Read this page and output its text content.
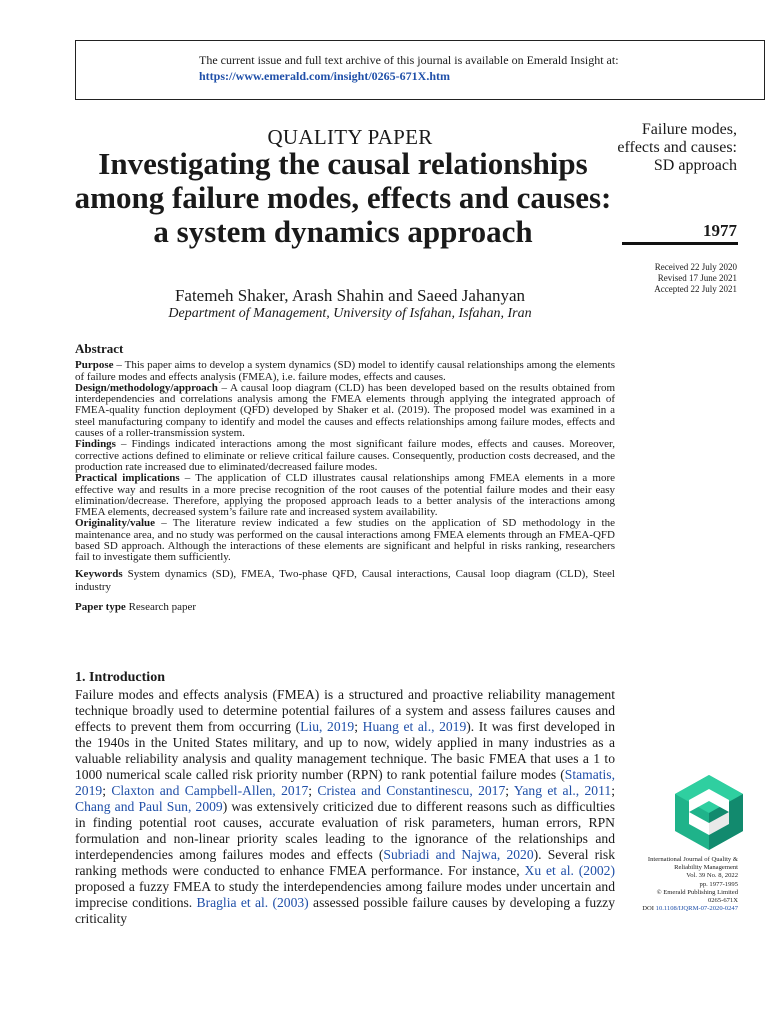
The current issue and full text archive of this journal is available on Emerald Insight at:
https://www.emerald.com/insight/0265-671X.htm
QUALITY PAPER
Investigating the causal relationships among failure modes, effects and causes: a system dynamics approach
Fatemeh Shaker, Arash Shahin and Saeed Jahanyan
Department of Management, University of Isfahan, Isfahan, Iran
Failure modes, effects and causes: SD approach
1977
Received 22 July 2020
Revised 17 June 2021
Accepted 22 July 2021
Abstract

Purpose – This paper aims to develop a system dynamics (SD) model to identify causal relationships among the elements of failure modes and effects analysis (FMEA), i.e. failure modes, effects and causes.

Design/methodology/approach – A causal loop diagram (CLD) has been developed based on the results obtained from interdependencies and correlations analysis among the FMEA elements through applying the integrated approach of FMEA-quality function deployment (QFD) developed by Shaker et al. (2019). The proposed model was examined in a steel manufacturing company to identify and model the causes and effects relationships among failure modes, effects and causes of a roller-transmission system.

Findings – Findings indicated interactions among the most significant failure modes, effects and causes. Moreover, corrective actions defined to eliminate or relieve critical failure causes. Consequently, production costs decreased, and the production rate increased due to eliminated/decreased failure modes.

Practical implications – The application of CLD illustrates causal relationships among FMEA elements in a more effective way and results in a more precise recognition of the root causes of the potential failure modes and their easy elimination/decrease. Therefore, applying the proposed approach leads to a better analysis of the interactions among FMEA elements, decreased system’s failure rate and increased system availability.

Originality/value – The literature review indicated a few studies on the application of SD methodology in the maintenance area, and no study was performed on the causal interactions among FMEA elements through an FMEA-QFD based SD approach. Although the interactions of these elements are significant and helpful in risks ranking, researchers fail to investigate them sufficiently.

Keywords System dynamics (SD), FMEA, Two-phase QFD, Causal interactions, Causal loop diagram (CLD), Steel industry

Paper type Research paper

1. Introduction

Failure modes and effects analysis (FMEA) is a structured and proactive reliability management technique broadly used to determine potential failures of a system and assess failures causes and effects to prevent them from occurring (Liu, 2019; Huang et al., 2019). It was first developed in the 1940s in the United States military, and up to now, widely applied in many industries as a valuable reliability analysis and quality management technique. The basic FMEA that uses a 1 to 1000 numerical scale called risk priority number (RPN) to rank potential failure modes (Stamatis, 2019; Claxton and Campbell-Allen, 2017; Cristea and Constantinescu, 2017; Yang et al., 2011; Chang and Paul Sun, 2009) was extensively criticized due to different reasons such as difficulties in finding potential root causes, accurate evaluation of risk parameters, human errors, RPN formulation and non-linear priority scales leading to the ignorance of the relationships and interdependencies among failures modes and effects (Subriadi and Najwa, 2020). Several risk ranking methods were conducted to enhance FMEA performance. For instance, Xu et al. (2002) proposed a fuzzy FMEA to study the interdependencies among failure modes under uncertain and imprecise conditions. Braglia et al. (2003) assessed possible failure causes by developing a fuzzy criticality

International Journal of Quality &
Reliability Management
Vol. 39 No. 8, 2022
pp. 1977-1995
© Emerald Publishing Limited
0265-671X
DOI 10.1108/IJQRM-07-2020-0247
